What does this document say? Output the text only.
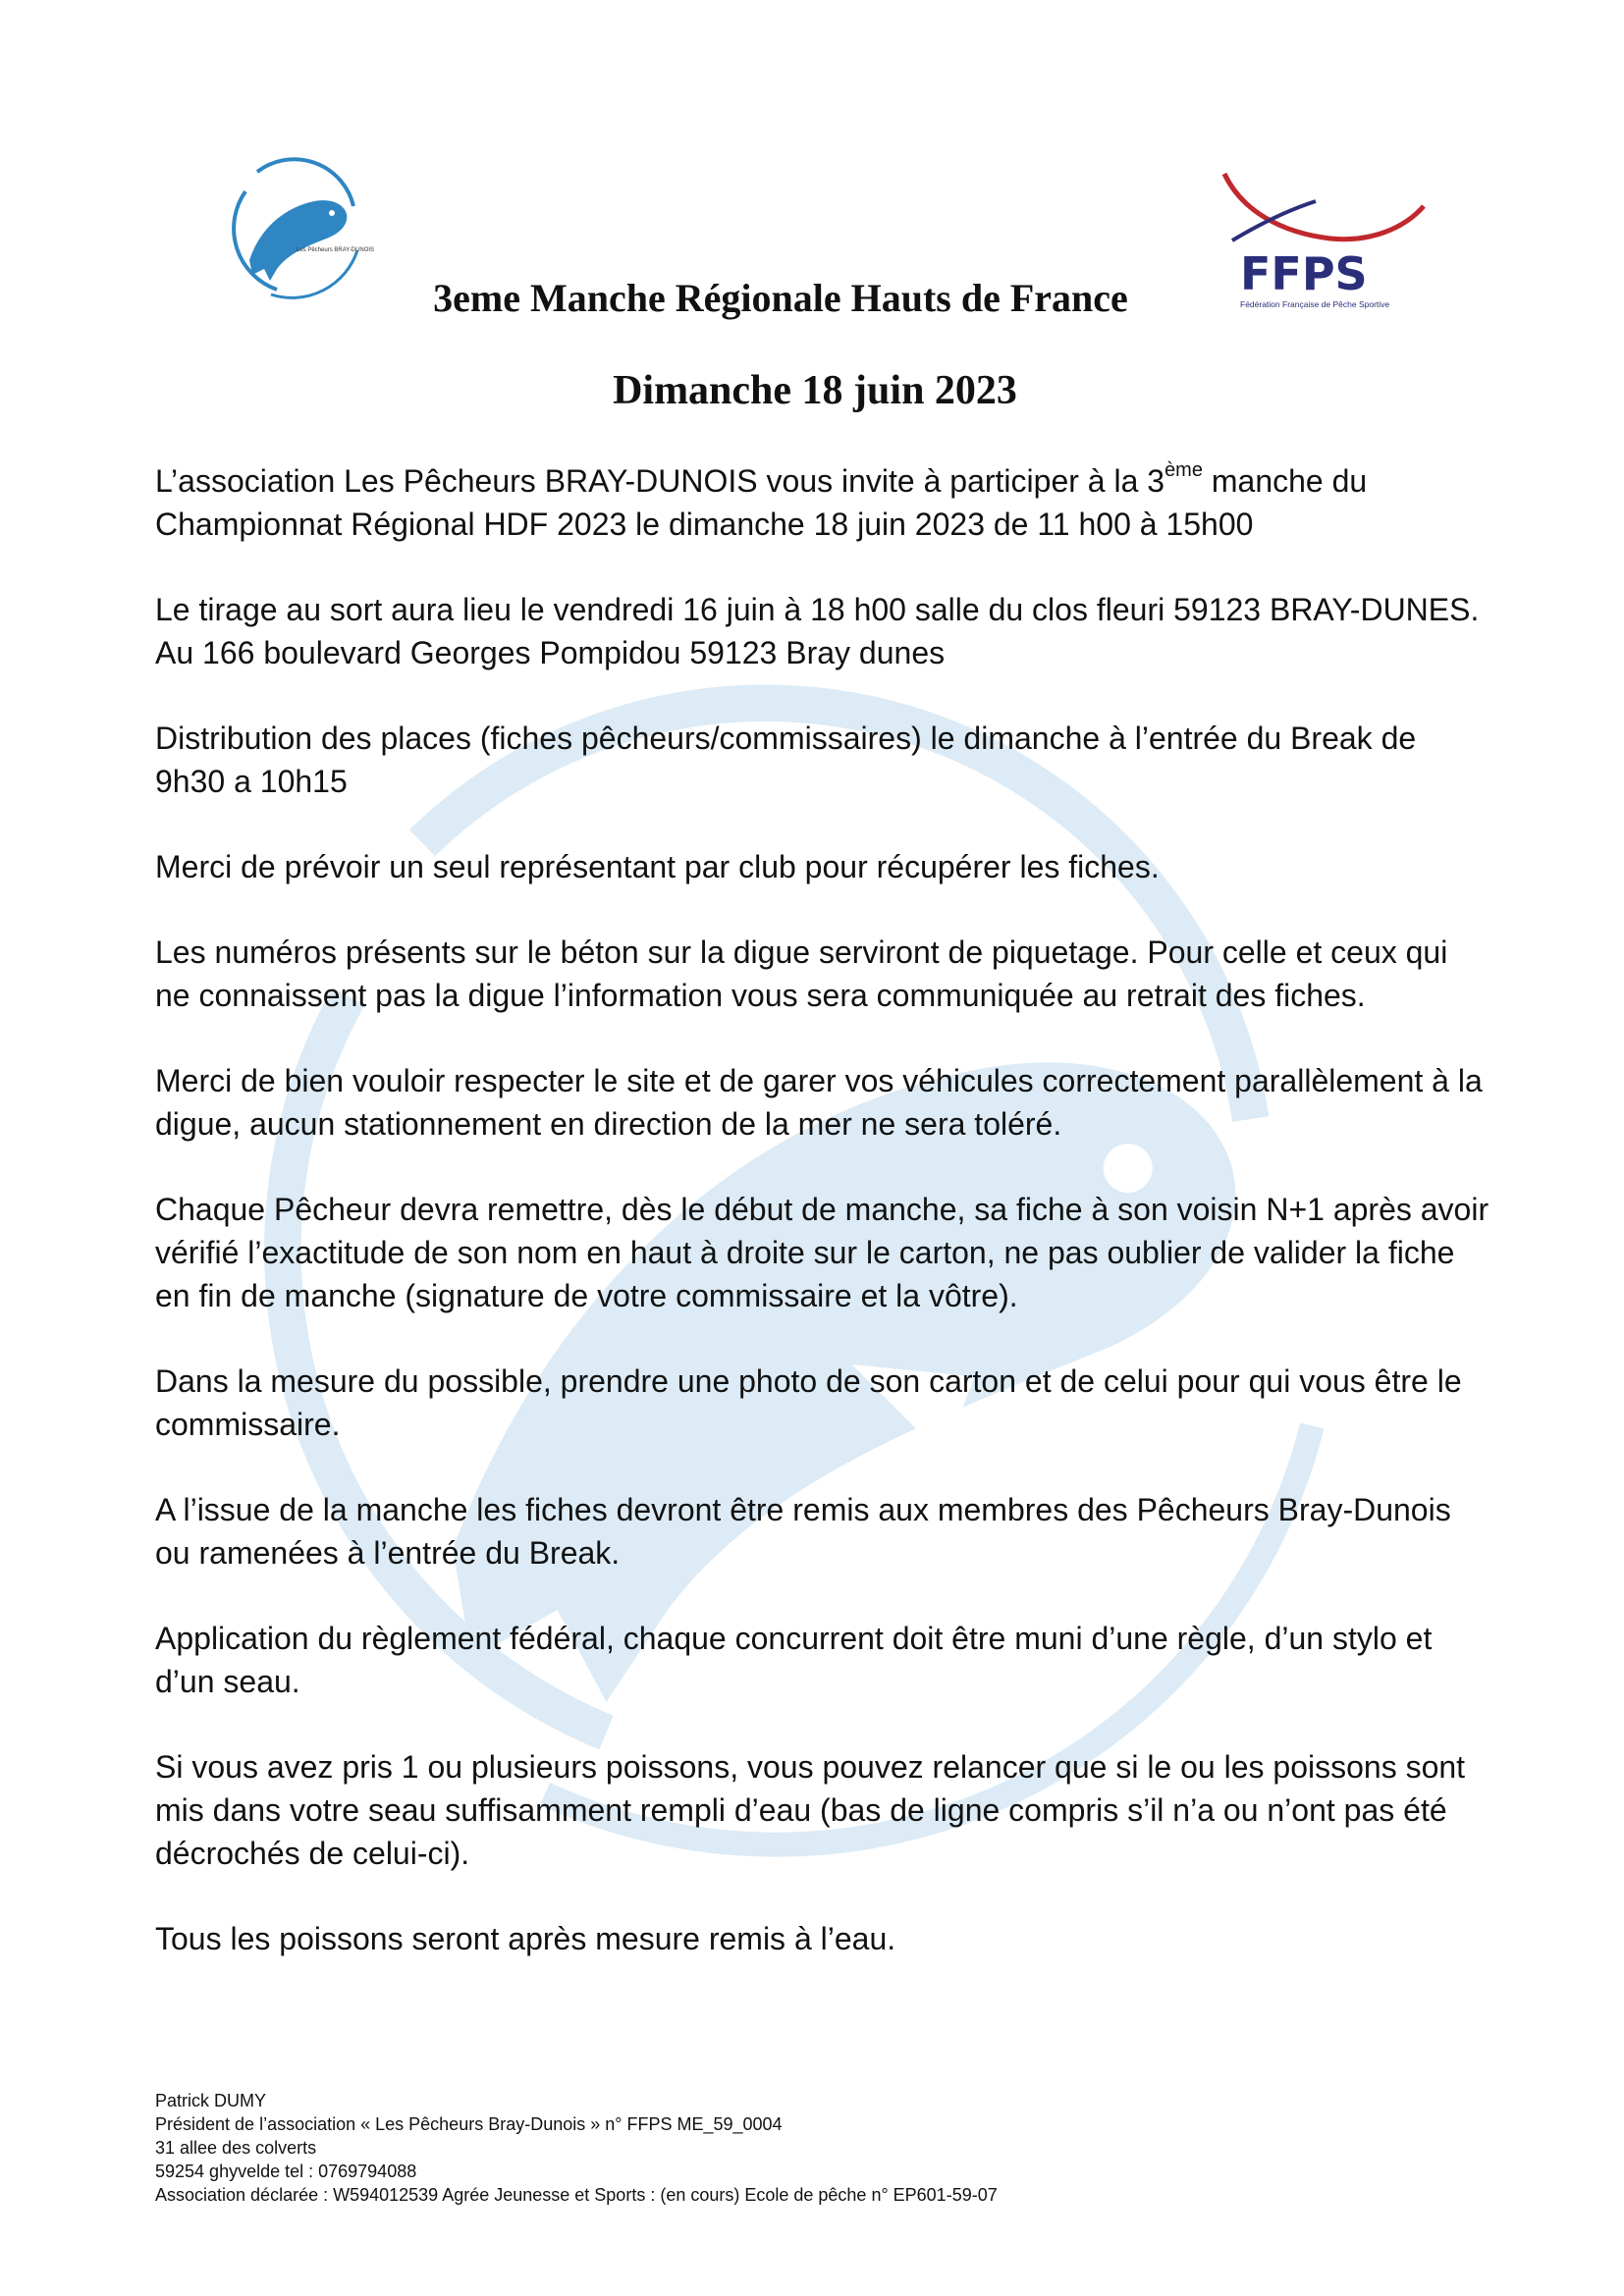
Les Pêcheurs BRAY-DUNOIS	FFPS
Fédération Française de Pêche Sportive
3eme Manche Régionale Hauts de France
Dimanche 18 juin 2023

L’association Les Pêcheurs BRAY-DUNOIS vous invite à participer à la 3ème manche du Championnat Régional HDF 2023 le dimanche 18 juin 2023 de 11 h00 à 15h00

Le tirage au sort aura lieu le vendredi 16 juin à 18 h00 salle du clos fleuri 59123 BRAY-DUNES. Au 166 boulevard Georges Pompidou 59123 Bray dunes

Distribution des places (fiches pêcheurs/commissaires) le dimanche à l’entrée du Break de 9h30 a 10h15

Merci de prévoir un seul représentant par club pour récupérer les fiches.

Les numéros présents sur le béton sur la digue serviront de piquetage. Pour celle et ceux qui ne connaissent pas la digue l’information vous sera communiquée au retrait des fiches.

Merci de bien vouloir respecter le site et de garer vos véhicules correctement parallèlement à la digue, aucun stationnement en direction de la mer ne sera toléré.

Chaque Pêcheur devra remettre, dès le début de manche, sa fiche à son voisin N+1 après avoir vérifié l’exactitude de son nom en haut à droite sur le carton, ne pas oublier de valider la fiche en fin de manche (signature de votre commissaire et la vôtre).

Dans la mesure du possible, prendre une photo de son carton et de celui pour qui vous être le commissaire.

A l’issue de la manche les fiches devront être remis aux membres des Pêcheurs Bray-Dunois ou ramenées à l’entrée du Break.

Application du règlement fédéral, chaque concurrent doit être muni d’une règle, d’un stylo et d’un seau.

Si vous avez pris 1 ou plusieurs poissons, vous pouvez relancer que si le ou les poissons sont mis dans votre seau suffisamment rempli d’eau (bas de ligne compris s’il n’a ou n’ont pas été décrochés de celui-ci).

Tous les poissons seront après mesure remis à l’eau.

Patrick DUMY
Président de l’association « Les Pêcheurs Bray-Dunois » n° FFPS ME_59_0004
31 allee des colverts
59254 ghyvelde tel : 0769794088
Association déclarée : W594012539 Agrée Jeunesse et Sports : (en cours) Ecole de pêche n° EP601-59-07
